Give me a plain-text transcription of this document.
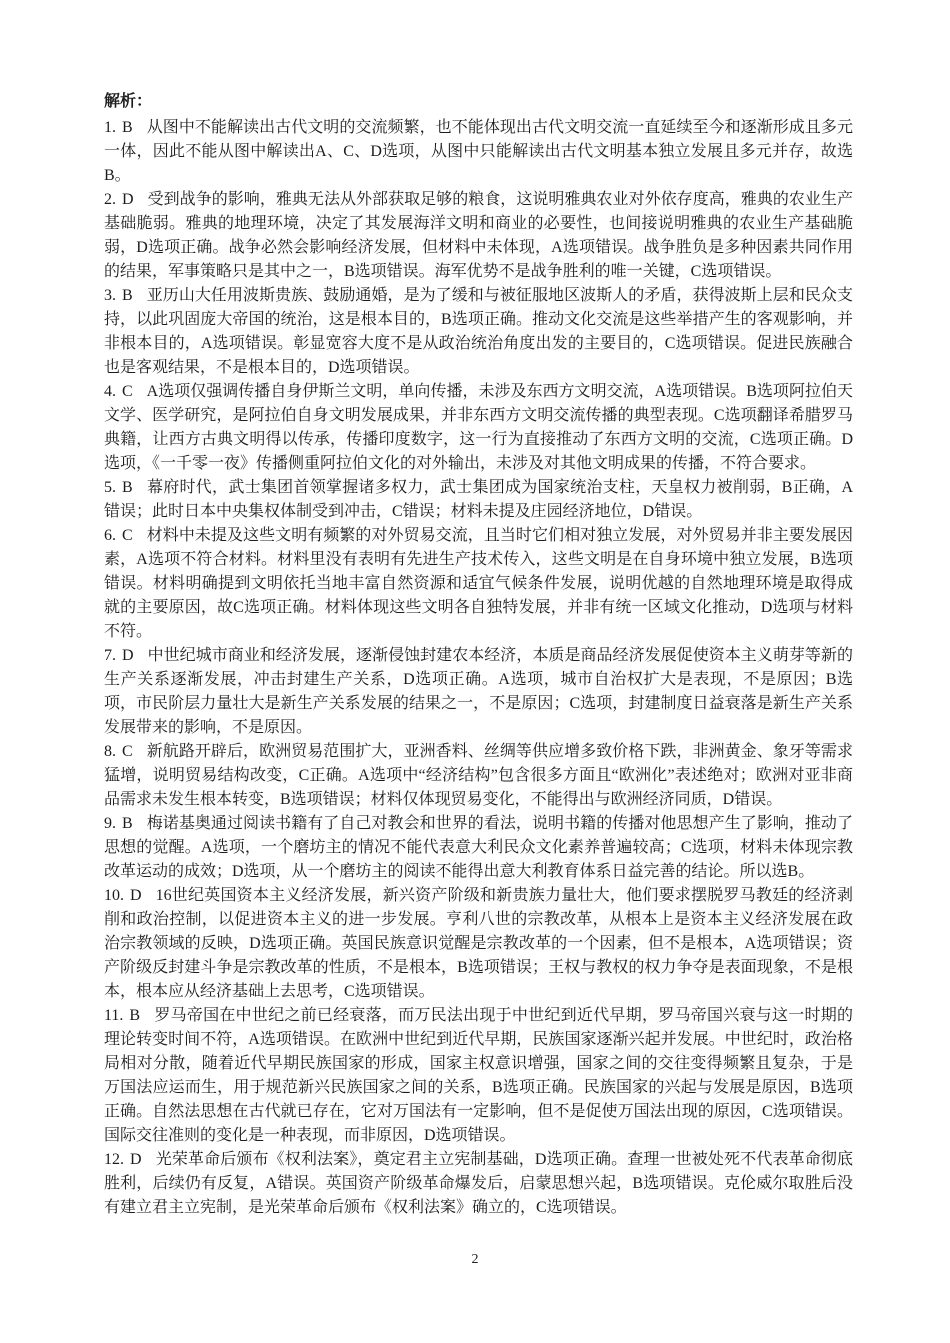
解析：

1. B 从图中不能解读出古代文明的交流频繁，也不能体现出古代文明交流一直延续至今和逐渐形成且多元一体，因此不能从图中解读出A、C、D选项，从图中只能解读出古代文明基本独立发展且多元并存，故选B。

2. D 受到战争的影响，雅典无法从外部获取足够的粮食，这说明雅典农业对外依存度高，雅典的农业生产基础脆弱。雅典的地理环境，决定了其发展海洋文明和商业的必要性，也间接说明雅典的农业生产基础脆弱，D选项正确。战争必然会影响经济发展，但材料中未体现，A选项错误。战争胜负是多种因素共同作用的结果，军事策略只是其中之一，B选项错误。海军优势不是战争胜利的唯一关键，C选项错误。

3. B 亚历山大任用波斯贵族、鼓励通婚，是为了缓和与被征服地区波斯人的矛盾，获得波斯上层和民众支持，以此巩固庞大帝国的统治，这是根本目的，B选项正确。推动文化交流是这些举措产生的客观影响，并非根本目的，A选项错误。彰显宽容大度不是从政治统治角度出发的主要目的，C选项错误。促进民族融合也是客观结果，不是根本目的，D选项错误。

4. C A选项仅强调传播自身伊斯兰文明，单向传播，未涉及东西方文明交流，A选项错误。B选项阿拉伯天文学、医学研究，是阿拉伯自身文明发展成果，并非东西方文明交流传播的典型表现。C选项翻译希腊罗马典籍，让西方古典文明得以传承，传播印度数字，这一行为直接推动了东西方文明的交流，C选项正确。D选项，《一千零一夜》传播侧重阿拉伯文化的对外输出，未涉及对其他文明成果的传播，不符合要求。

5. B 幕府时代，武士集团首领掌握诸多权力，武士集团成为国家统治支柱，天皇权力被削弱，B正确，A错误；此时日本中央集权体制受到冲击，C错误；材料未提及庄园经济地位，D错误。

6. C 材料中未提及这些文明有频繁的对外贸易交流，且当时它们相对独立发展，对外贸易并非主要发展因素，A选项不符合材料。材料里没有表明有先进生产技术传入，这些文明是在自身环境中独立发展，B选项错误。材料明确提到文明依托当地丰富自然资源和适宜气候条件发展，说明优越的自然地理环境是取得成就的主要原因，故C选项正确。材料体现这些文明各自独特发展，并非有统一区域文化推动，D选项与材料不符。

7. D 中世纪城市商业和经济发展，逐渐侵蚀封建农本经济，本质是商品经济发展促使资本主义萌芽等新的生产关系逐渐发展，冲击封建生产关系，D选项正确。A选项，城市自治权扩大是表现，不是原因；B选项，市民阶层力量壮大是新生产关系发展的结果之一，不是原因；C选项，封建制度日益衰落是新生产关系发展带来的影响，不是原因。

8. C 新航路开辟后，欧洲贸易范围扩大，亚洲香料、丝绸等供应增多致价格下跌，非洲黄金、象牙等需求猛增，说明贸易结构改变，C正确。A选项中“经济结构”包含很多方面且“欧洲化”表述绝对；欧洲对亚非商品需求未发生根本转变，B选项错误；材料仅体现贸易变化，不能得出与欧洲经济同质，D错误。

9. B 梅诺基奥通过阅读书籍有了自己对教会和世界的看法，说明书籍的传播对他思想产生了影响，推动了思想的觉醒。A选项，一个磨坊主的情况不能代表意大利民众文化素养普遍较高；C选项，材料未体现宗教改革运动的成效；D选项，从一个磨坊主的阅读不能得出意大利教育体系日益完善的结论。所以选B。

10. D 16世纪英国资本主义经济发展，新兴资产阶级和新贵族力量壮大，他们要求摆脱罗马教廷的经济剥削和政治控制，以促进资本主义的进一步发展。亨利八世的宗教改革，从根本上是资本主义经济发展在政治宗教领域的反映，D选项正确。英国民族意识觉醒是宗教改革的一个因素，但不是根本，A选项错误；资产阶级反封建斗争是宗教改革的性质，不是根本，B选项错误；王权与教权的权力争夺是表面现象，不是根本，根本应从经济基础上去思考，C选项错误。

11. B 罗马帝国在中世纪之前已经衰落，而万民法出现于中世纪到近代早期，罗马帝国兴衰与这一时期的理论转变时间不符，A选项错误。在欧洲中世纪到近代早期，民族国家逐渐兴起并发展。中世纪时，政治格局相对分散，随着近代早期民族国家的形成，国家主权意识增强，国家之间的交往变得频繁且复杂，于是万国法应运而生，用于规范新兴民族国家之间的关系，B选项正确。民族国家的兴起与发展是原因，B选项正确。自然法思想在古代就已存在，它对万国法有一定影响，但不是促使万国法出现的原因，C选项错误。国际交往准则的变化是一种表现，而非原因，D选项错误。

12. D 光荣革命后颁布《权利法案》，奠定君主立宪制基础，D选项正确。查理一世被处死不代表革命彻底胜利，后续仍有反复，A错误。英国资产阶级革命爆发后，启蒙思想兴起，B选项错误。克伦威尔取胜后没有建立君主立宪制，是光荣革命后颁布《权利法案》确立的，C选项错误。

2
